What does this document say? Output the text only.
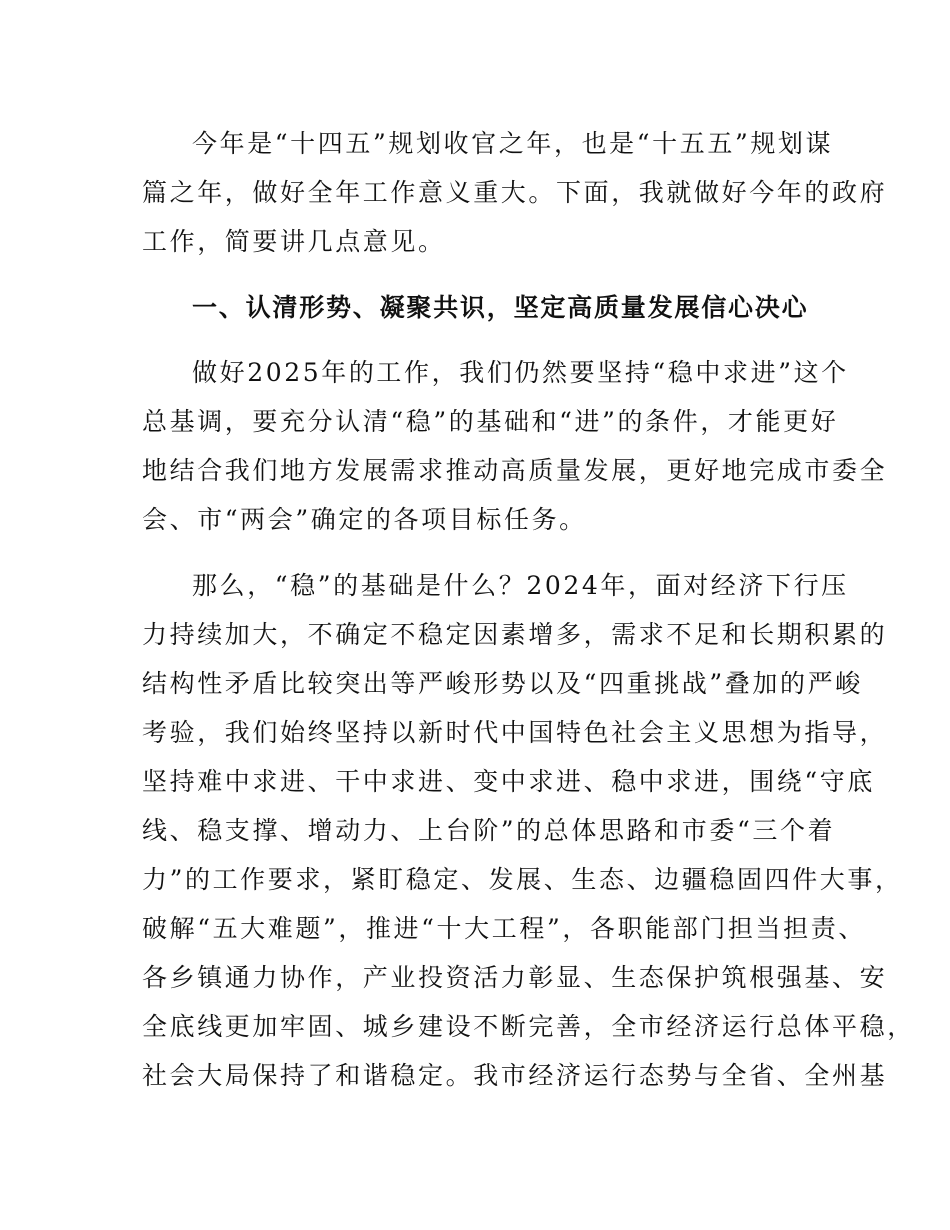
今年是“十四五”规划收官之年，也是“十五五”规划谋
篇之年，做好全年工作意义重大。下面，我就做好今年的政府
工作，简要讲几点意见。
一、认清形势、凝聚共识，坚定高质量发展信心决心
做好2025年的工作，我们仍然要坚持“稳中求进”这个
总基调，要充分认清“稳”的基础和“进”的条件，才能更好
地结合我们地方发展需求推动高质量发展，更好地完成市委全
会、市“两会”确定的各项目标任务。
那么，“稳”的基础是什么？2024年，面对经济下行压
力持续加大，不确定不稳定因素增多，需求不足和长期积累的
结构性矛盾比较突出等严峻形势以及“四重挑战”叠加的严峻
考验，我们始终坚持以新时代中国特色社会主义思想为指导，
坚持难中求进、干中求进、变中求进、稳中求进，围绕“守底
线、稳支撑、增动力、上台阶”的总体思路和市委“三个着
力”的工作要求，紧盯稳定、发展、生态、边疆稳固四件大事，
破解“五大难题”，推进“十大工程”，各职能部门担当担责、
各乡镇通力协作，产业投资活力彰显、生态保护筑根强基、安
全底线更加牢固、城乡建设不断完善，全市经济运行总体平稳，
社会大局保持了和谐稳定。我市经济运行态势与全省、全州基
